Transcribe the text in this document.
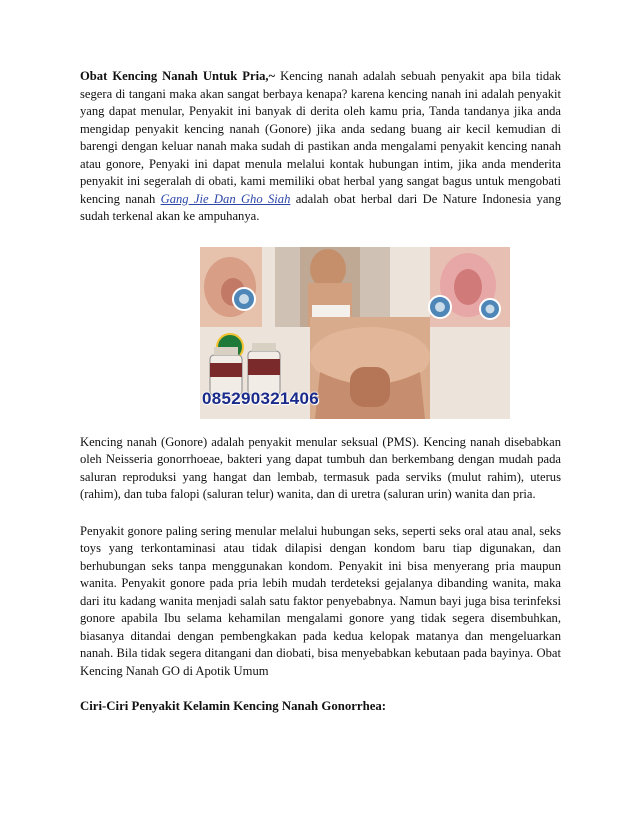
Obat Kencing Nanah Untuk Pria,~ Kencing nanah adalah sebuah penyakit apa bila tidak segera di tangani maka akan sangat berbaya kenapa? karena kencing nanah ini adalah penyakit yang dapat menular, Penyakit ini banyak di derita oleh kamu pria, Tanda tandanya jika anda mengidap penyakit kencing nanah (Gonore) jika anda sedang buang air kecil kemudian di barengi dengan keluar nanah maka sudah di pastikan anda mengalami penyakit kencing nanah atau gonore, Penyaki ini dapat menula melalui kontak hubungan intim, jika anda menderita penyakit ini segeralah di obati, kami memiliki obat herbal yang sangat bagus untuk mengobati kencing nanah Gang Jie Dan Gho Siah adalah obat herbal dari De Nature Indonesia yang sudah terkenal akan ke ampuhanya.

085290321406

Kencing nanah (Gonore) adalah penyakit menular seksual (PMS). Kencing nanah disebabkan oleh Neisseria gonorrhoeae, bakteri yang dapat tumbuh dan berkembang dengan mudah pada saluran reproduksi yang hangat dan lembab, termasuk pada serviks (mulut rahim), uterus (rahim), dan tuba falopi (saluran telur) wanita, dan di uretra (saluran urin) wanita dan pria.

Penyakit gonore paling sering menular melalui hubungan seks, seperti seks oral atau anal, seks toys yang terkontaminasi atau tidak dilapisi dengan kondom baru tiap digunakan, dan berhubungan seks tanpa menggunakan kondom. Penyakit ini bisa menyerang pria maupun wanita. Penyakit gonore pada pria lebih mudah terdeteksi gejalanya dibanding wanita, maka dari itu kadang wanita menjadi salah satu faktor penyebabnya. Namun bayi juga bisa terinfeksi gonore apabila Ibu selama kehamilan mengalami gonore yang tidak segera disembuhkan, biasanya ditandai dengan pembengkakan pada kedua kelopak matanya dan mengeluarkan nanah. Bila tidak segera ditangani dan diobati, bisa menyebabkan kebutaan pada bayinya. Obat Kencing Nanah GO di Apotik Umum

Ciri-Ciri Penyakit Kelamin Kencing Nanah Gonorrhea:
